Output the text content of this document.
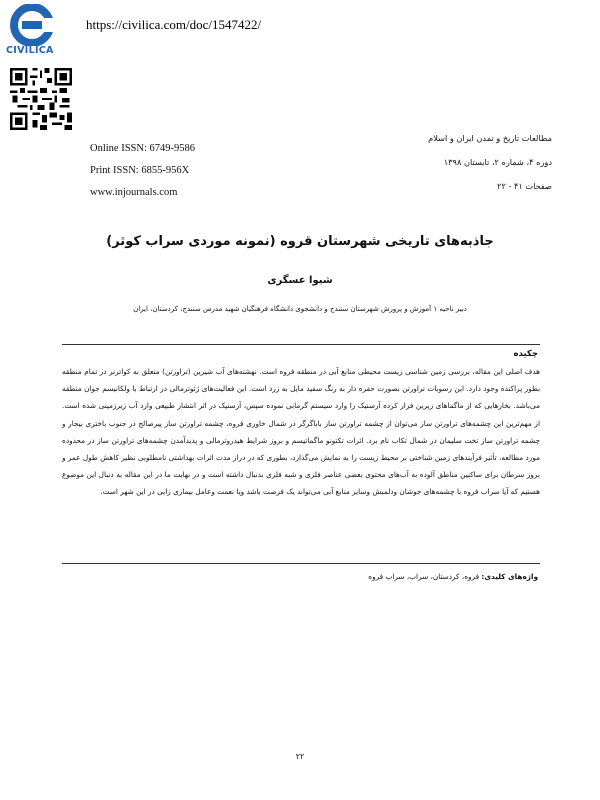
CIVILICA
https://civilica.com/doc/1547422/
Online ISSN: 6749-9586
Print ISSN: 6855-956X
www.injournals.com
مطالعات تاریخ و تمدن ایران و اسلام
دوره ۴، شماره ۲، تابستان ۱۳۹۸
صفحات ۴۱ - ۲۲
جاذبه‌های تاریخی شهرستان قروه (نمونه موردی سراب کوثر)
شیوا عسگری
دبیر ناحیه ۱ آموزش و پرورش شهرستان سنندج و دانشجوی دانشگاه فرهنگیان شهید مدرس سنندج، کردستان، ایران
چکیده
هدف اصلی این مقاله، بررسی زمین شناسی زیست محیطی منابع آبی در منطقه قروه است. نهشته‌های آب شیرین (تراورتن) متعلق به کواترنر در تمام منطقه بطور پراکنده وجود دارد. این رسوبات تراورتن بصورت حفره دار به رنگ سفید مایل به زرد است. این فعالیت‌های ژئوترمالی در ارتباط با ولکانیسم جوان منطقه می‌باشد. بخارهایی که از ماگماهای زیرین فرار کرده آرسنیک را وارد سیستم گرمابی نموده سپس، آرسنیک در اثر انتشار طبیعی وارد آب زیرزمینی شده است. از مهم‌ترین این چشمه‌های تراورتن ساز می‌توان از چشمه تراورتن ساز بابا‌گرگر در شمال خاوری قروه، چشمه تراورتن ساز پیرصالح در جنوب باختری بیجار و چشمه تراورتن ساز تخت سلیمان در شمال تکاب نام برد. اثرات تکتونو ماگماتیسم و بروز شرایط هیدروترمالی و پدیدآمدن چشمه‌های تراورتن ساز در محدوده مورد مطالعه، تأثیر فرآیندهای زمین شناختی بر محیط زیست را به نمایش می‌گذارد، بطوری که در دراز مدت اثرات بهداشتی نامطلوبی نظیر کاهش طول عمر و بروز سرطان برای ساکنین مناطق آلوده به آب‌های محتوی بعضی عناصر فلزی و شبه فلزی بدنبال داشته است و در نهایت ما در این مقاله به دنبال این موضوع هستیم که آیا سراب قروه با چشمه‌های جوشان ودلمبش وسایر منابع آبی می‌تواند یک فرصت باشد ویا نعمت وعامل بیماری زایی در این شهر است.
واژه‌های کلیدی: قروه، کردستان، سراب، سراب قروه
۲۲
